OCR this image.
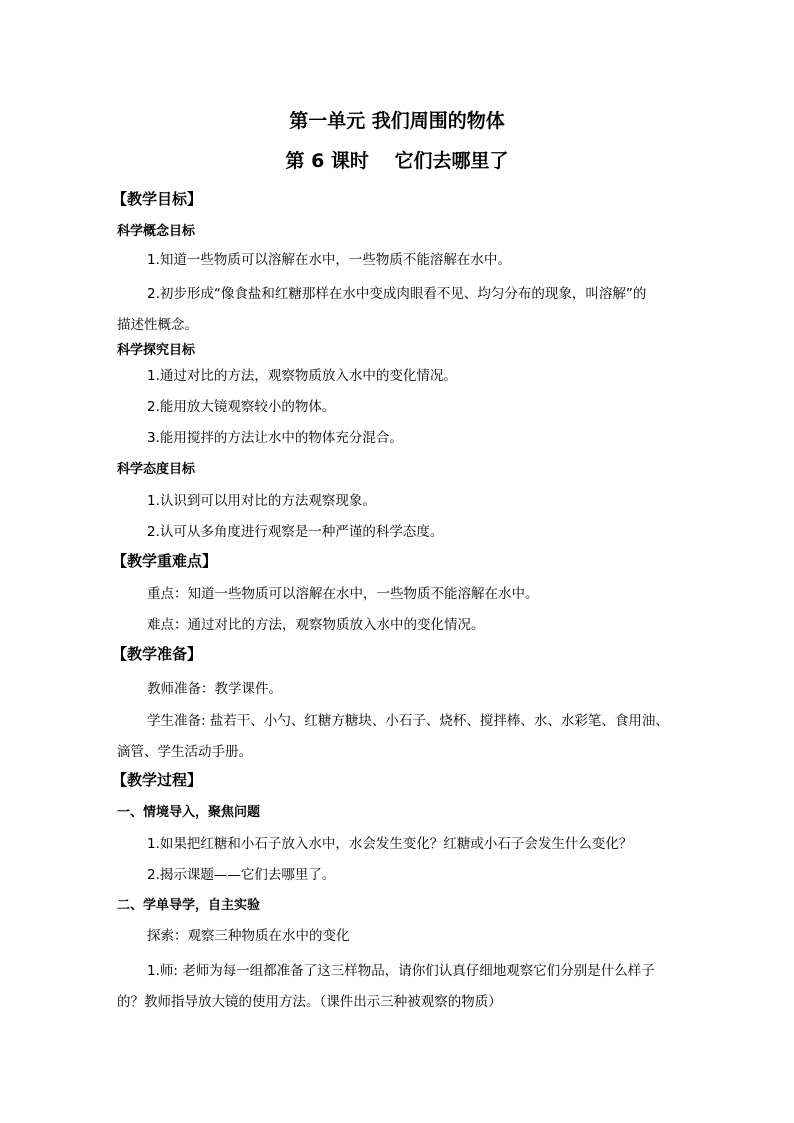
第一单元 我们周围的物体

第 6 课时　 它们去哪里了

【教学目标】

科学概念目标

1.知道一些物质可以溶解在水中，一些物质不能溶解在水中。

2.初步形成“像食盐和红糖那样在水中变成肉眼看不见、均匀分布的现象，叫溶解”的

描述性概念。

科学探究目标

1.通过对比的方法，观察物质放入水中的变化情况。

2.能用放大镜观察较小的物体。

3.能用搅拌的方法让水中的物体充分混合。

科学态度目标

1.认识到可以用对比的方法观察现象。

2.认可从多角度进行观察是一种严谨的科学态度。

【教学重难点】

重点：知道一些物质可以溶解在水中，一些物质不能溶解在水中。

难点：通过对比的方法，观察物质放入水中的变化情况。

【教学准备】

教师准备：教学课件。

学生准备: 盐若干、小勺、红糖方糖块、小石子、烧杯、搅拌棒、水、水彩笔、食用油、

滴管、学生活动手册。

【教学过程】

一、情境导入，聚焦问题

1.如果把红糖和小石子放入水中，水会发生变化？红糖或小石子会发生什么变化？

2.揭示课题——它们去哪里了。

二、学单导学，自主实验

探索：观察三种物质在水中的变化

1.师: 老师为每一组都准备了这三样物品，请你们认真仔细地观察它们分别是什么样子

的？教师指导放大镜的使用方法。（课件出示三种被观察的物质）
